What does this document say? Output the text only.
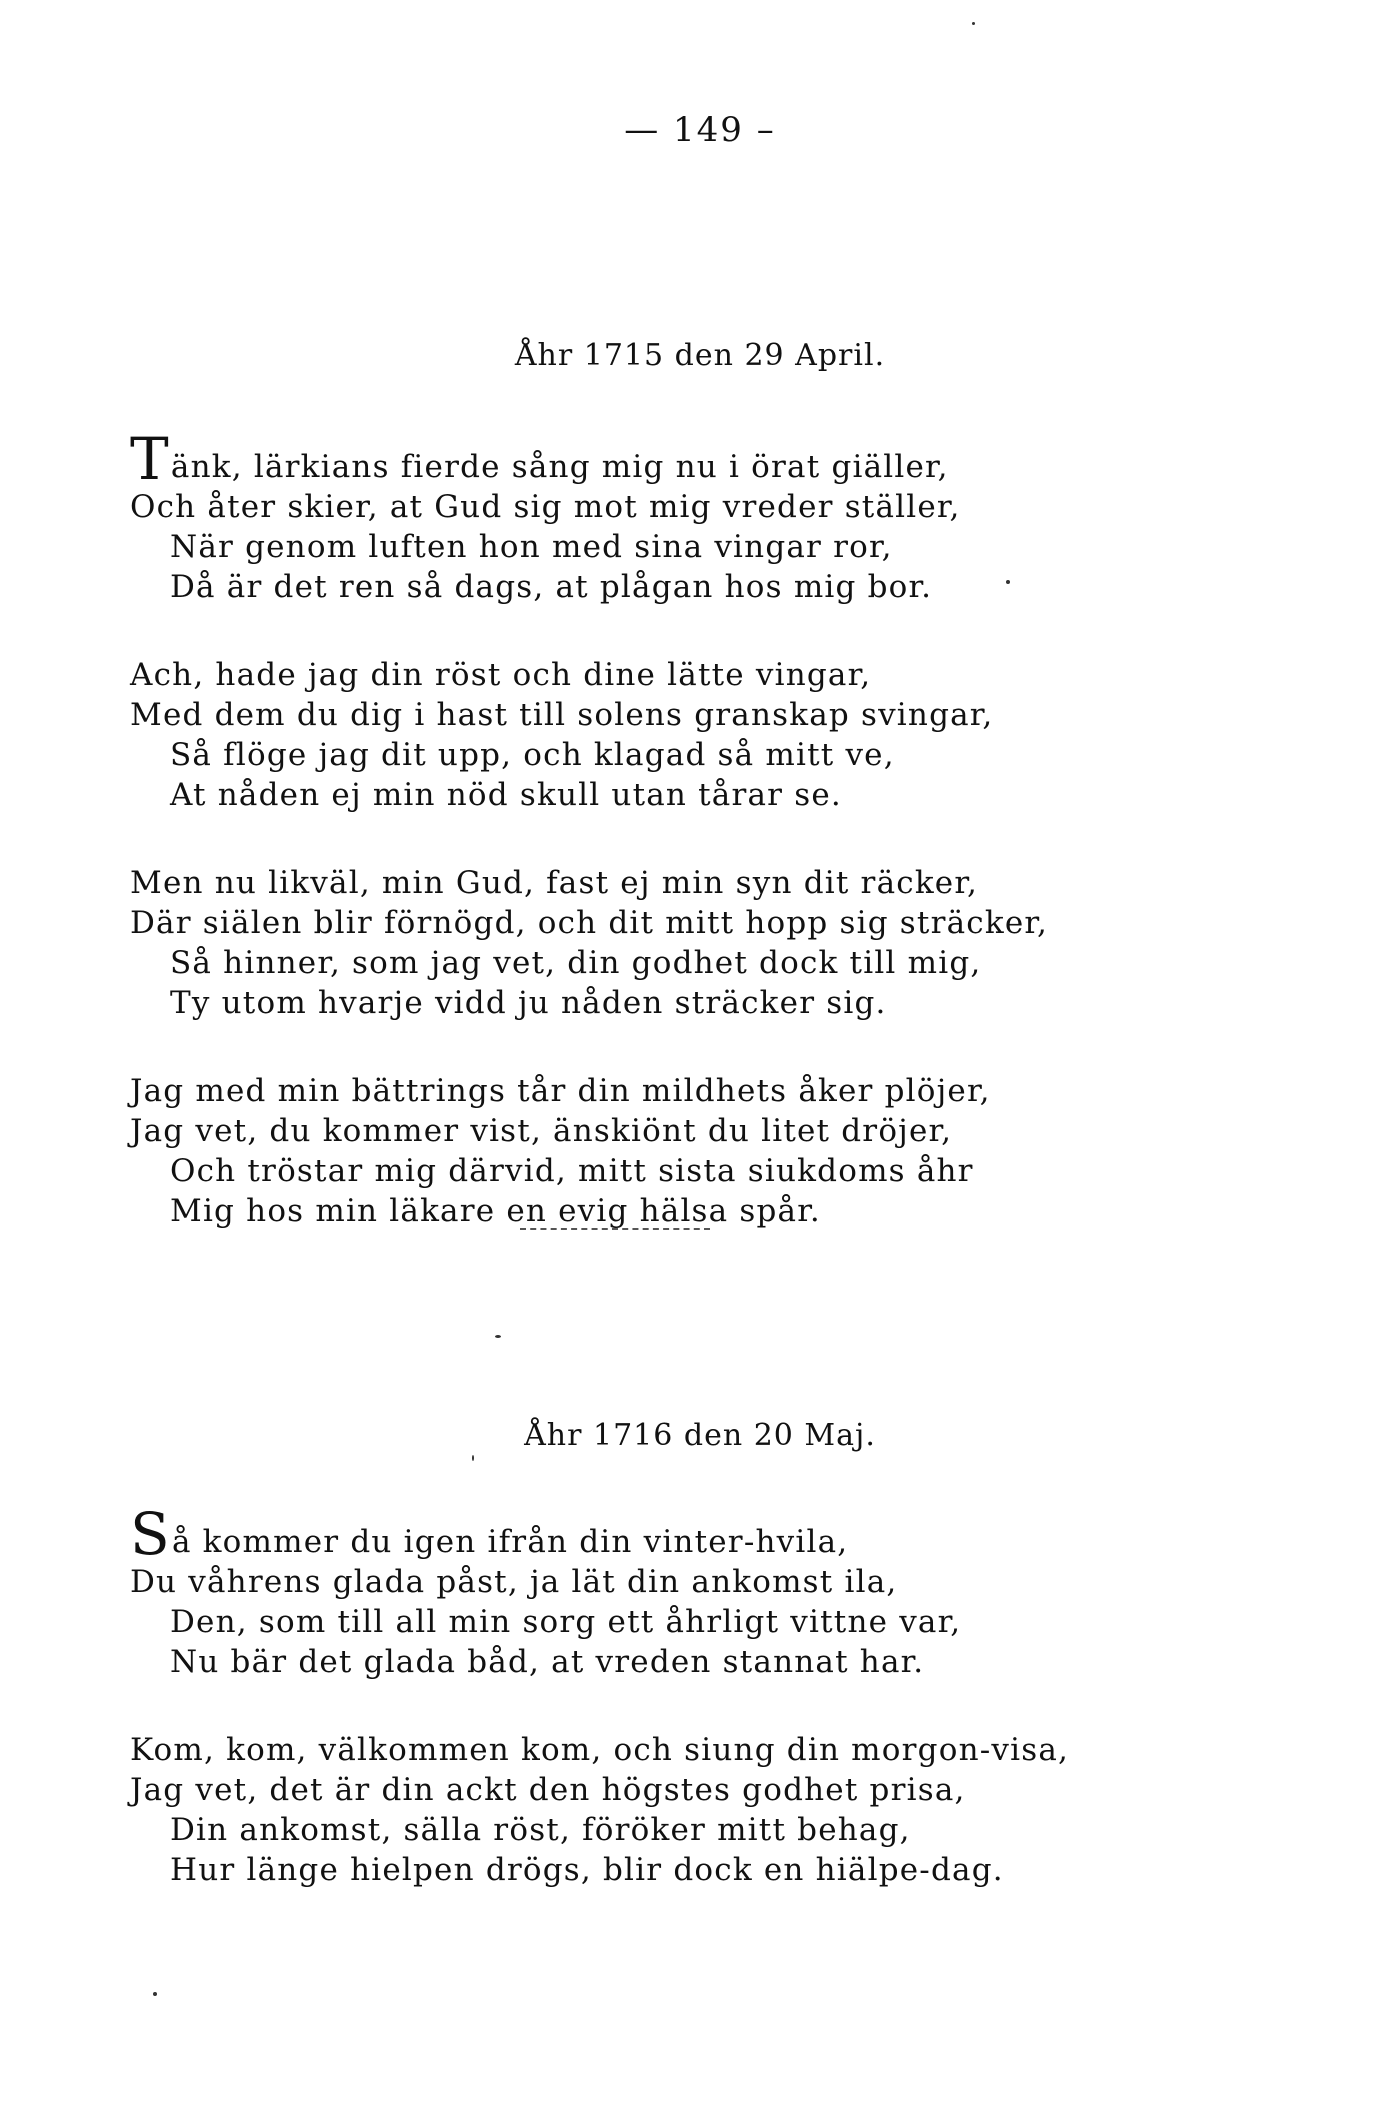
— 149 –
Åhr 1715 den 29 April.
Tänk, lärkians fierde sång mig nu i örat giäller,
Och åter skier, at Gud sig mot mig vreder ställer,
När genom luften hon med sina vingar ror,
Då är det ren så dags, at plågan hos mig bor.
Ach, hade jag din röst och dine lätte vingar,
Med dem du dig i hast till solens granskap svingar,
Så flöge jag dit upp, och klagad så mitt ve,
At nåden ej min nöd skull utan tårar se.
Men nu likväl, min Gud, fast ej min syn dit räcker,
Där siälen blir förnögd, och dit mitt hopp sig sträcker,
Så hinner, som jag vet, din godhet dock till mig,
Ty utom hvarje vidd ju nåden sträcker sig.
Jag med min bättrings tår din mildhets åker plöjer,
Jag vet, du kommer vist, änskiönt du litet dröjer,
Och tröstar mig därvid, mitt sista siukdoms åhr
Mig hos min läkare en evig hälsa spår.
Åhr 1716 den 20 Maj.
Så kommer du igen ifrån din vinter-hvila,
Du våhrens glada påst, ja lät din ankomst ila,
Den, som till all min sorg ett åhrligt vittne var,
Nu bär det glada båd, at vreden stannat har.
Kom, kom, välkommen kom, och siung din morgon-visa,
Jag vet, det är din ackt den högstes godhet prisa,
Din ankomst, sälla röst, föröker mitt behag,
Hur länge hielpen drögs, blir dock en hiälpe-dag.
